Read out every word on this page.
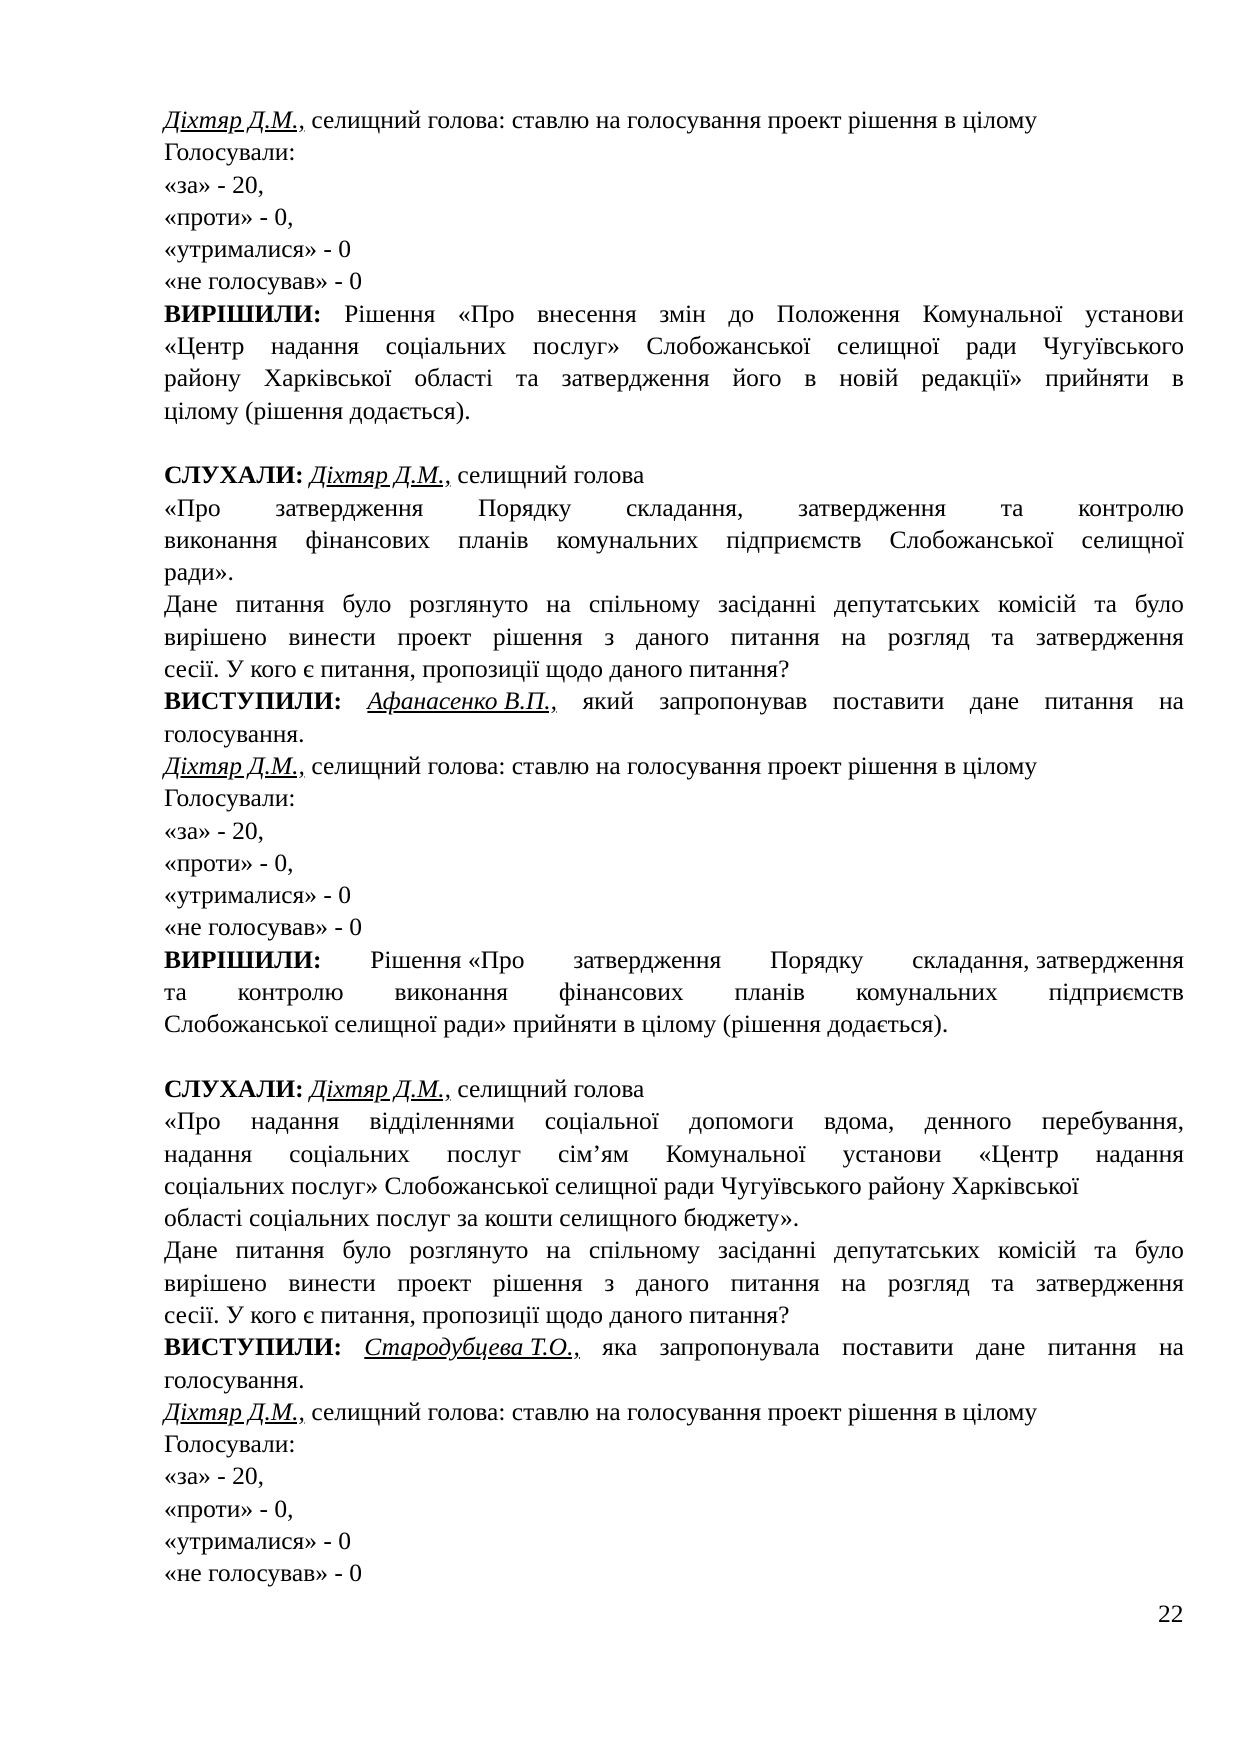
Діхтяр Д.М., селищний голова: ставлю на голосування проект рішення в цілому
Голосували:
«за» - 20,
«проти» - 0,
«утрималися» - 0
«не голосував» - 0
ВИРІШИЛИ: Рішення «Про внесення змін до Положення Комунальної установи
«Центр надання соціальних послуг» Слобожанської селищної ради Чугуївського
району Харківської області та затвердження його в новій редакції» прийняти в
цілому (рішення додається).
СЛУХАЛИ: Діхтяр Д.М., селищний голова
«Про затвердження Порядку складання, затвердження та контролю
виконання фінансових планів комунальних підприємств Слобожанської селищної
ради».
Дане питання було розглянуто на спільному засіданні депутатських комісій та було
вирішено винести проект рішення з даного питання на розгляд та затвердження
сесії. У кого є питання, пропозиції щодо даного питання?
ВИСТУПИЛИ: Афанасенко В.П., який запропонував поставити дане питання на
голосування.
Діхтяр Д.М., селищний голова: ставлю на голосування проект рішення в цілому
Голосували:
«за» - 20,
«проти» - 0,
«утрималися» - 0
«не голосував» - 0
ВИРІШИЛИ: Рішення «Про затвердження Порядку складання, затвердження
та контролю виконання фінансових планів комунальних підприємств
Слобожанської селищної ради» прийняти в цілому (рішення додається).
СЛУХАЛИ: Діхтяр Д.М., селищний голова
«Про надання відділеннями соціальної допомоги вдома, денного перебування,
надання соціальних послуг сім’ям Комунальної установи «Центр надання
соціальних послуг» Слобожанської селищної ради Чугуївського району Харківської
області соціальних послуг за кошти селищного бюджету».
Дане питання було розглянуто на спільному засіданні депутатських комісій та було
вирішено винести проект рішення з даного питання на розгляд та затвердження
сесії. У кого є питання, пропозиції щодо даного питання?
ВИСТУПИЛИ: Стародубцева Т.О., яка запропонувала поставити дане питання на
голосування.
Діхтяр Д.М., селищний голова: ставлю на голосування проект рішення в цілому
Голосували:
«за» - 20,
«проти» - 0,
«утрималися» - 0
«не голосував» - 0
22
